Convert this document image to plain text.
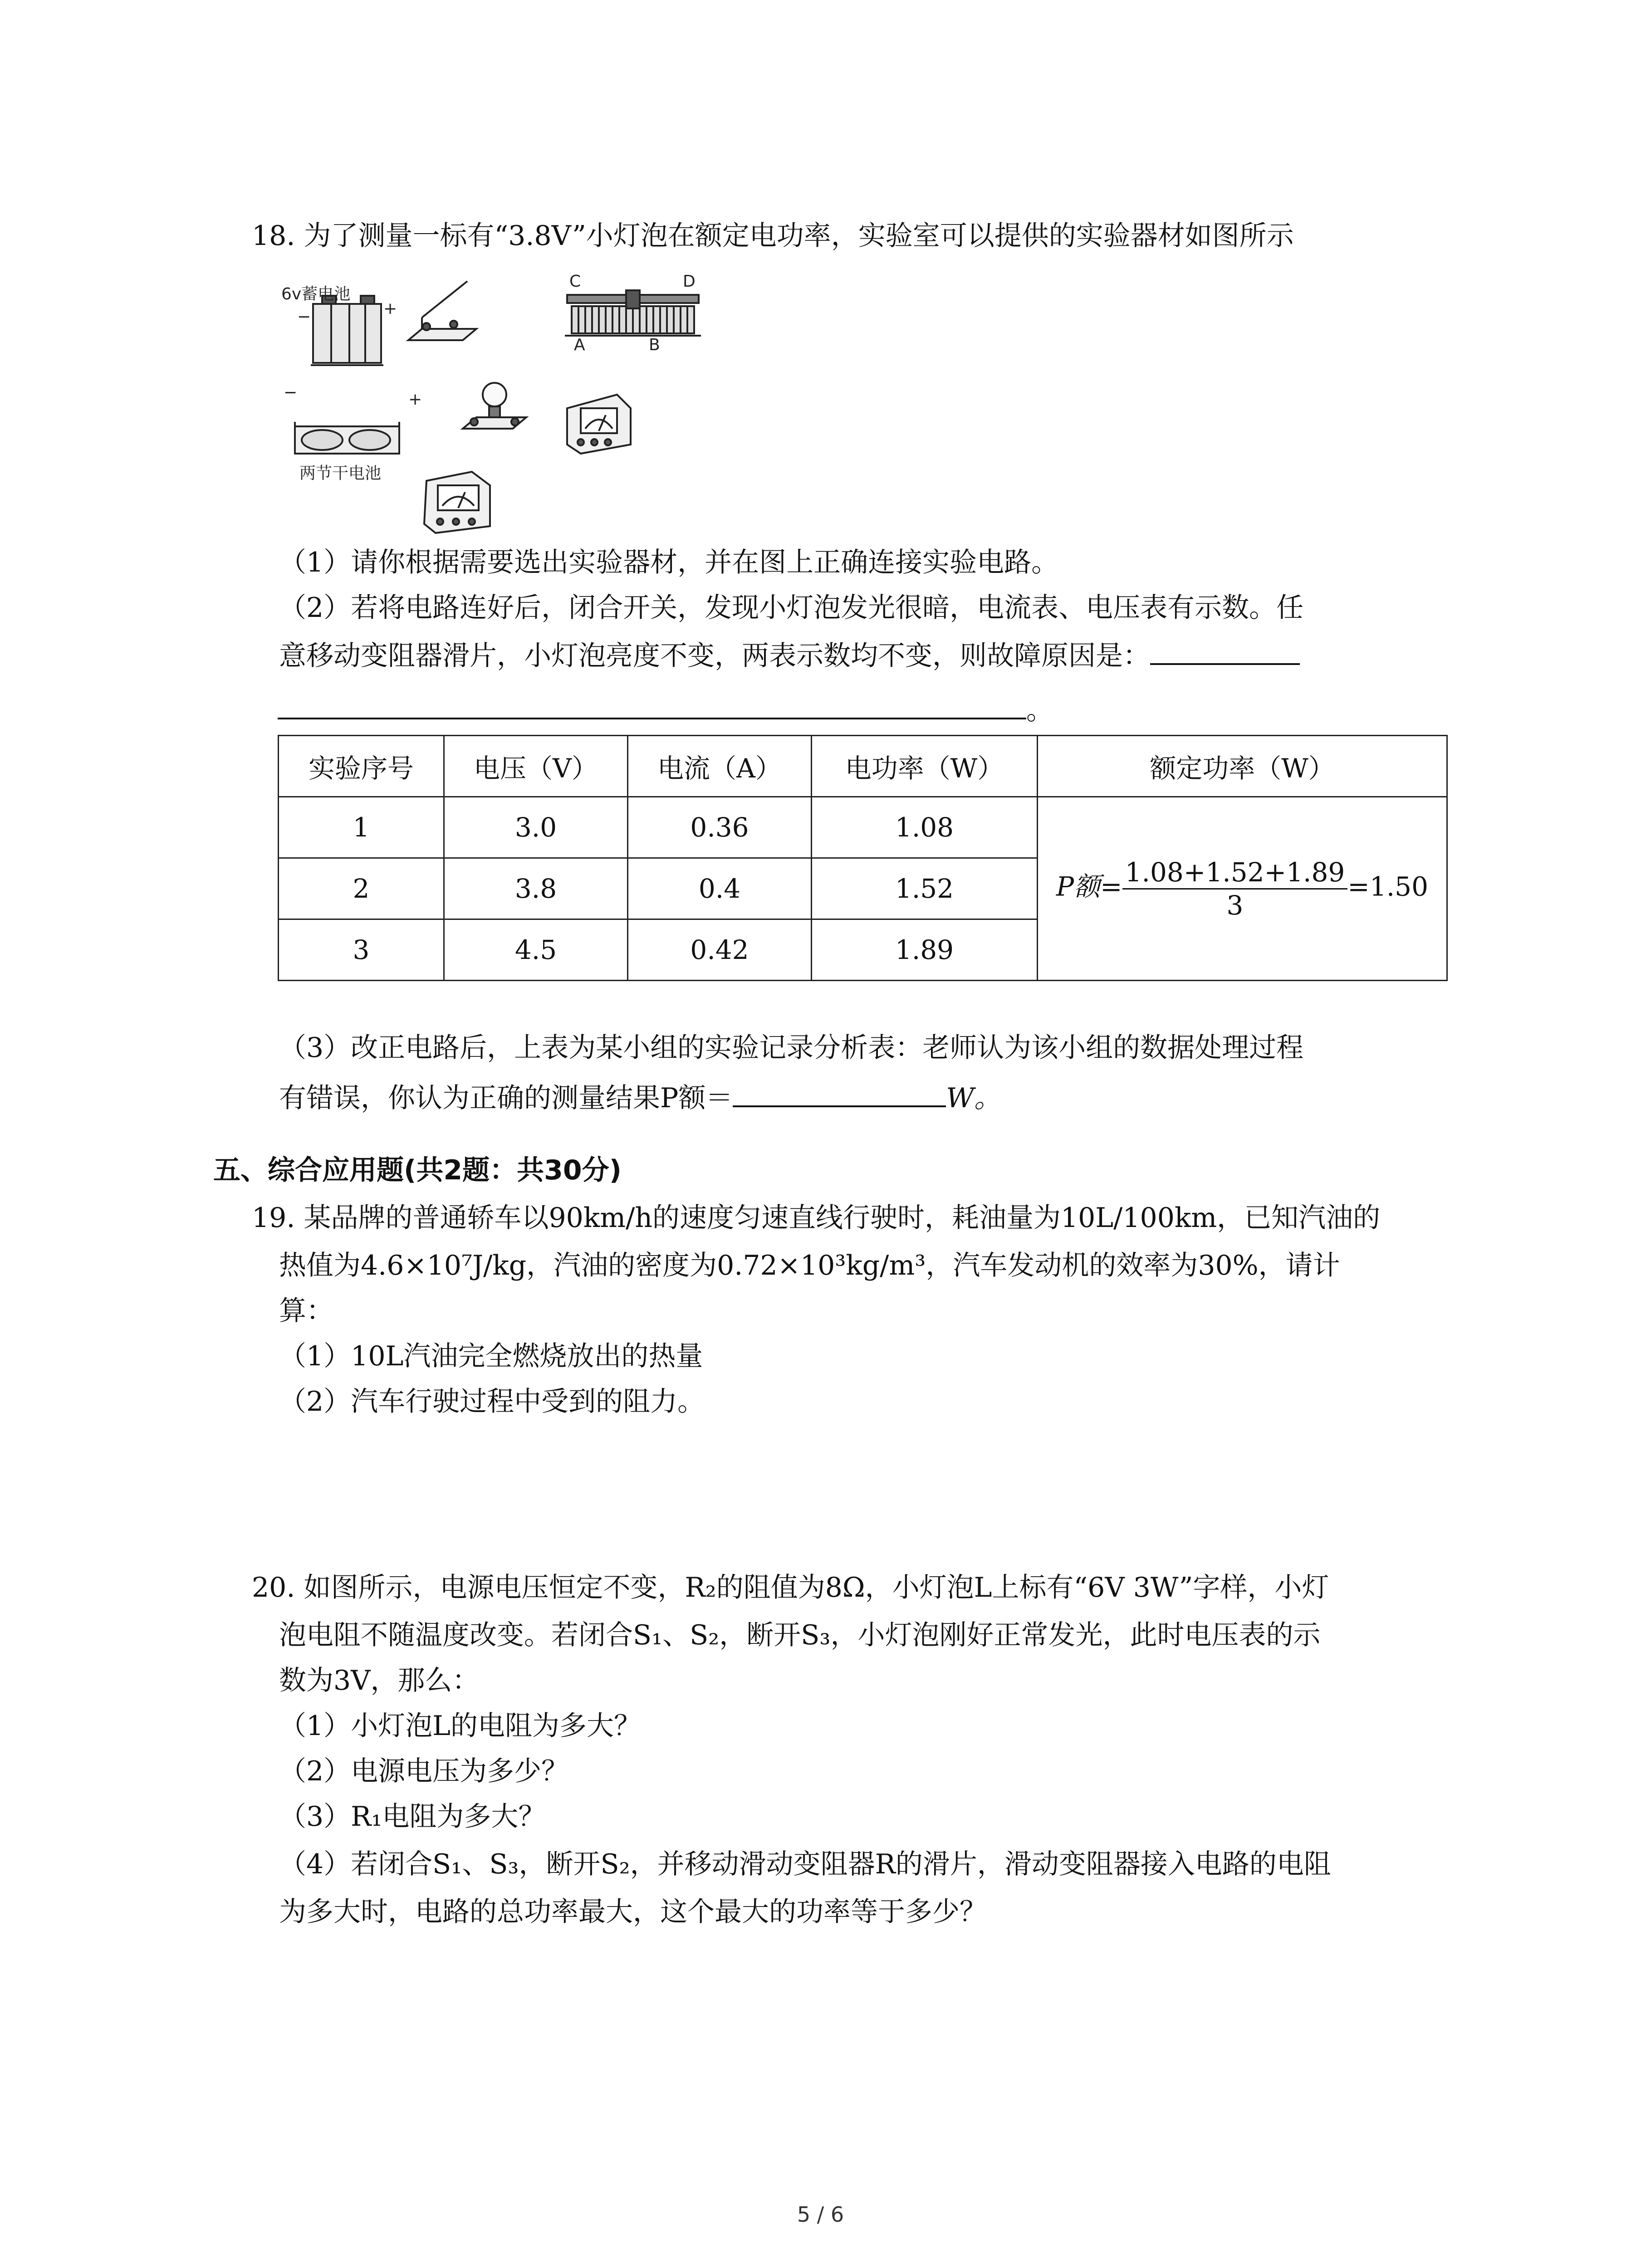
18. 为了测量一标有“3.8V”小灯泡在额定电功率，实验室可以提供的实验器材如图所示
6v蓄电池
−	+
−	+
两节干电池
C	D
A	B
（1）请你根据需要选出实验器材，并在图上正确连接实验电路。
（2）若将电路连好后，闭合开关，发现小灯泡发光很暗，电流表、电压表有示数。任
意移动变阻器滑片，小灯泡亮度不变，两表示数均不变，则故障原因是：
。
实验序号	电压（V）	电流（A）	电功率（W）	额定功率（W）
1	3.0	0.36	1.08	P额= $\frac{1.08+1.52+1.89}{3} =1.50$
2	3.8	0.4	1.52	
3	4.5	0.42	1.89	
（3）改正电路后，上表为某小组的实验记录分析表：老师认为该小组的数据处理过程
有错误，你认为正确的测量结果P额＝	W。
五、综合应用题(共2题：共30分)
19. 某品牌的普通轿车以90km/h的速度匀速直线行驶时，耗油量为10L/100km，已知汽油的
热值为4.6×10⁷J/kg，汽油的密度为0.72×10³kg/m³，汽车发动机的效率为30%，请计
算：
（1）10L汽油完全燃烧放出的热量
（2）汽车行驶过程中受到的阻力。
20. 如图所示，电源电压恒定不变，R₂的阻值为8Ω，小灯泡L上标有“6V 3W”字样，小灯
泡电阻不随温度改变。若闭合S₁、S₂，断开S₃，小灯泡刚好正常发光，此时电压表的示
数为3V，那么：
（1）小灯泡L的电阻为多大？
（2）电源电压为多少？
（3）R₁电阻为多大？
（4）若闭合S₁、S₃，断开S₂，并移动滑动变阻器R的滑片，滑动变阻器接入电路的电阻
为多大时，电路的总功率最大，这个最大的功率等于多少？
5 / 6
